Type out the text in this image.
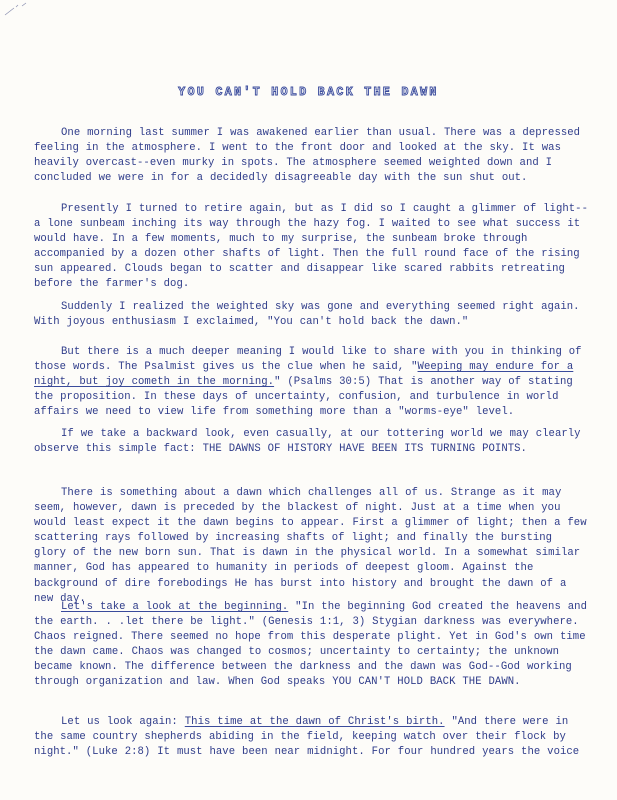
YOU CAN'T HOLD BACK THE DAWN

One morning last summer I was awakened earlier than usual. There was a depressed feeling in the atmosphere. I went to the front door and looked at the sky. It was heavily overcast--even murky in spots. The atmosphere seemed weighted down and I concluded we were in for a decidedly disagreeable day with the sun shut out.

Presently I turned to retire again, but as I did so I caught a glimmer of light--a lone sunbeam inching its way through the hazy fog. I waited to see what success it would have. In a few moments, much to my surprise, the sunbeam broke through accompanied by a dozen other shafts of light. Then the full round face of the rising sun appeared. Clouds began to scatter and disappear like scared rabbits retreating before the farmer's dog.

Suddenly I realized the weighted sky was gone and everything seemed right again. With joyous enthusiasm I exclaimed, "You can't hold back the dawn."

But there is a much deeper meaning I would like to share with you in thinking of those words. The Psalmist gives us the clue when he said, "Weeping may endure for a night, but joy cometh in the morning." (Psalms 30:5) That is another way of stating the proposition. In these days of uncertainty, confusion, and turbulence in world affairs we need to view life from something more than a "worms-eye" level.

If we take a backward look, even casually, at our tottering world we may clearly observe this simple fact: THE DAWNS OF HISTORY HAVE BEEN ITS TURNING POINTS.

There is something about a dawn which challenges all of us. Strange as it may seem, however, dawn is preceded by the blackest of night. Just at a time when you would least expect it the dawn begins to appear. First a glimmer of light; then a few scattering rays followed by increasing shafts of light; and finally the bursting glory of the new born sun. That is dawn in the physical world. In a somewhat similar manner, God has appeared to humanity in periods of deepest gloom. Against the background of dire forebodings He has burst into history and brought the dawn of a new day.

Let's take a look at the beginning. "In the beginning God created the heavens and the earth. . .let there be light." (Genesis 1:1, 3) Stygian darkness was everywhere. Chaos reigned. There seemed no hope from this desperate plight. Yet in God's own time the dawn came. Chaos was changed to cosmos; uncertainty to certainty; the unknown became known. The difference between the darkness and the dawn was God--God working through organization and law. When God speaks YOU CAN'T HOLD BACK THE DAWN.

Let us look again: This time at the dawn of Christ's birth. "And there were in the same country shepherds abiding in the field, keeping watch over their flock by night." (Luke 2:8) It must have been near midnight. For four hundred years the voice
